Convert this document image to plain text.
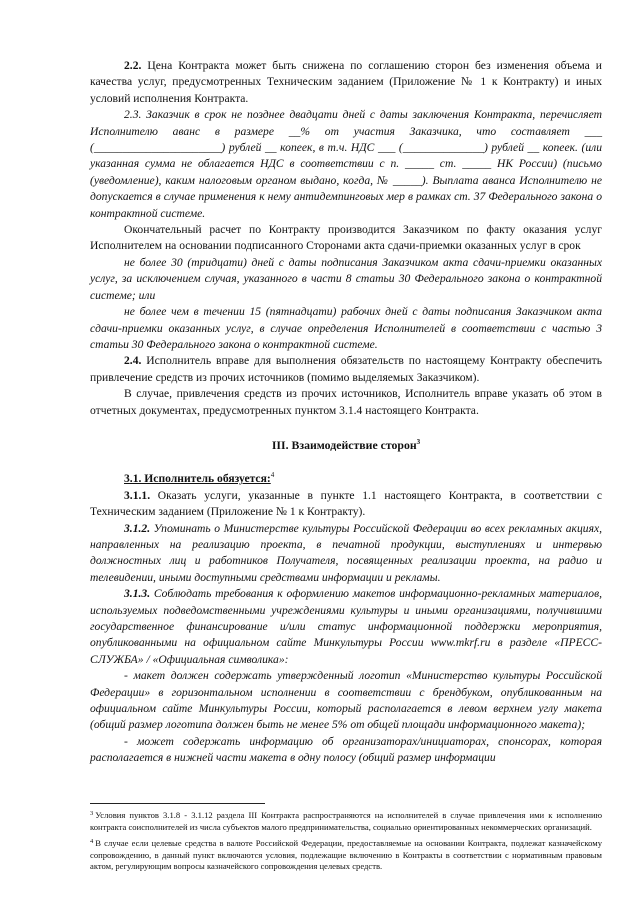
2.2. Цена Контракта может быть снижена по соглашению сторон без изменения объема и качества услуг, предусмотренных Техническим заданием (Приложение № 1 к Контракту) и иных условий исполнения Контракта.

2.3. Заказчик в срок не позднее двадцати дней с даты заключения Контракта, перечисляет Исполнителю аванс в размере __% от участия Заказчика, что составляет ___ (______________________) рублей __ копеек, в т.ч. НДС ___ (______________) рублей __ копеек. (или указанная сумма не облагается НДС в соответствии с п. _____ ст. _____ НК России) (письмо (уведомление), каким налоговым органом выдано, когда, № _____). Выплата аванса Исполнителю не допускается в случае применения к нему антидемпинговых мер в рамках ст. 37 Федерального закона о контрактной системе.

Окончательный расчет по Контракту производится Заказчиком по факту оказания услуг Исполнителем на основании подписанного Сторонами акта сдачи-приемки оказанных услуг в срок

не более 30 (тридцати) дней с даты подписания Заказчиком акта сдачи-приемки оказанных услуг, за исключением случая, указанного в части 8 статьи 30 Федерального закона о контрактной системе; или

не более чем в течении 15 (пятнадцати) рабочих дней с даты подписания Заказчиком акта сдачи-приемки оказанных услуг, в случае определения Исполнителей в соответствии с частью 3 статьи 30 Федерального закона о контрактной системе.

2.4. Исполнитель вправе для выполнения обязательств по настоящему Контракту обеспечить привлечение средств из прочих источников (помимо выделяемых Заказчиком).

В случае, привлечения средств из прочих источников, Исполнитель вправе указать об этом в отчетных документах, предусмотренных пунктом 3.1.4 настоящего Контракта.

III. Взаимодействие сторон$^3$

3.1. Исполнитель обязуется:$^4$

3.1.1. Оказать услуги, указанные в пункте 1.1 настоящего Контракта, в соответствии с Техническим заданием (Приложение № 1 к Контракту).

3.1.2. Упоминать о Министерстве культуры Российской Федерации во всех рекламных акциях, направленных на реализацию проекта, в печатной продукции, выступлениях и интервью должностных лиц и работников Получателя, посвященных реализации проекта, на радио и телевидении, иными доступными средствами информации и рекламы.

3.1.3. Соблюдать требования к оформлению макетов информационно-рекламных материалов, используемых подведомственными учреждениями культуры и иными организациями, получившими государственное финансирование и/или статус информационной поддержки мероприятия, опубликованными на официальном сайте Минкультуры России www.mkrf.ru в разделе «ПРЕСС-СЛУЖБА» / «Официальная символика»:

- макет должен содержать утвержденный логотип «Министерство культуры Российской Федерации» в горизонтальном исполнении в соответствии с брендбуком, опубликованным на официальном сайте Минкультуры России, который располагается в левом верхнем углу макета (общий размер логотипа должен быть не менее 5% от общей площади информационного макета);

- может содержать информацию об организаторах/инициаторах, спонсорах, которая располагается в нижней части макета в одну полосу (общий размер информации

$^3$ Условия пунктов 3.1.8 - 3.1.12 раздела III Контракта распространяются на исполнителей в случае привлечения ими к исполнению контракта соисполнителей из числа субъектов малого предпринимательства, социально ориентированных некоммерческих организаций.

$^4$ В случае если целевые средства в валюте Российской Федерации, предоставляемые на основании Контракта, подлежат казначейскому сопровождению, в данный пункт включаются условия, подлежащие включению в Контракты в соответствии с нормативным правовым актом, регулирующим вопросы казначейского сопровождения целевых средств.
